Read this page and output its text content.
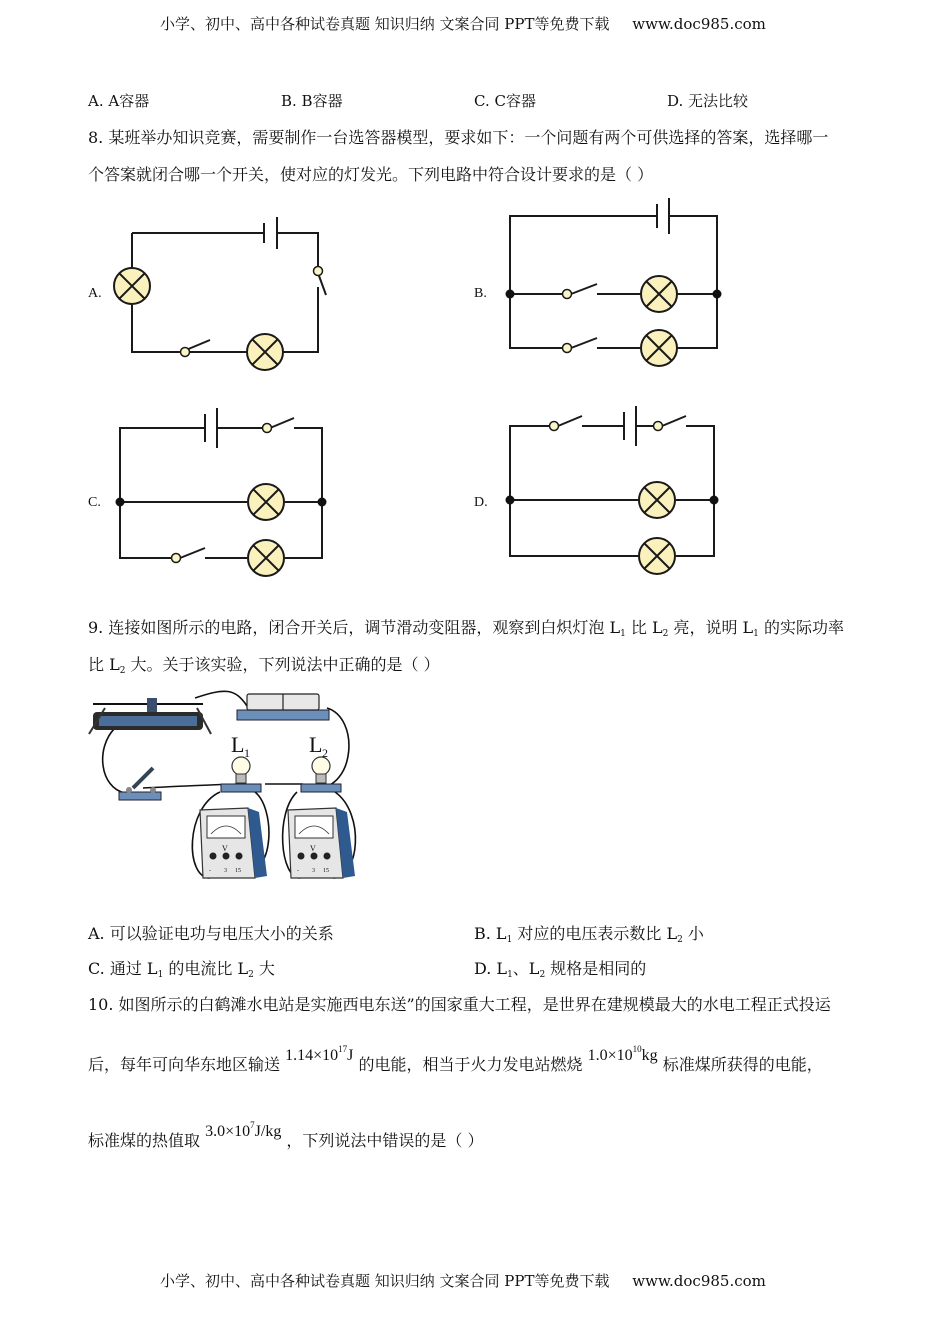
小学、初中、高中各种试卷真题 知识归纳 文案合同 PPT等免费下载 www.doc985.com
A. A容器	B. B容器	C. C容器	D. 无法比较
8. 某班举办知识竞赛，需要制作一台选答器模型，要求如下：一个问题有两个可供选择的答案，选择哪一
个答案就闭合哪一个开关，使对应的灯发光。下列电路中符合设计要求的是（ ）
A.	B.
C.	D.
9. 连接如图所示的电路，闭合开关后，调节滑动变阻器，观察到白炽灯泡 $L_1$ 比 $L_2$ 亮，说明 $L_1$ 的实际功率
比 $L_2$ 大。关于该实验，下列说法中正确的是（ ）
L 1	L 2
V
- 3 15
V
- 3 15
A. 可以验证电功与电压大小的关系	B. $L_1$ 对应的电压表示数比 $L_2$ 小
C. 通过 $L_1$ 的电流比 $L_2$ 大	D. $L_1$、$L_2$ 规格是相同的
10. 如图所示的白鹤滩水电站是实施西电东送”的国家重大工程，是世界在建规模最大的水电工程正式投运
后，每年可向华东地区输送 $1.14\times 10^{17}J$ 的电能，相当于火力发电站燃烧 $1.0\times 10^{10}kg$ 标准煤所获得的电能，
标准煤的热值取 $3.0\times 10^7J/kg$ ，下列说法中错误的是（ ）
小学、初中、高中各种试卷真题 知识归纳 文案合同 PPT等免费下载 www.doc985.com
